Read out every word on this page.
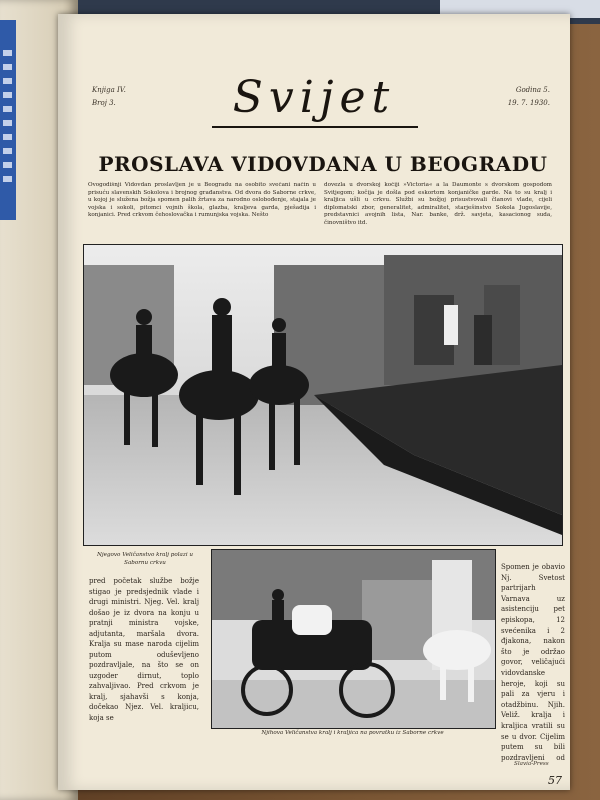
Knjiga IV.
Broj 3.	Svijet	Godina 5.
19. 7. 1930.
PROSLAVA VIDOVDANA U BEOGRADU
Ovogodišnji Vidovdan proslavljen je u Beogradu na osobito svečani način u prisuću slavenskih Sokolova i brojnog građanstva. Od dvora do Saborne crkve, u kojoj je služena božja spomen palih žrtava za narodno oslobođenje, stajala je vojska i sokoli, pitomci vojnih škola, glazba, kraljeva garda, pješadija i konjanici. Pred crkvom čehoslovačka i rumunjska vojska. Nešto
dovezla u dvorskoj kočiji »Victoria« a la Daumonte s dvorskom gospodom Svitjegom; kočija je došla pod eskortom konjaničke garde. Na to su kralj i kraljica ušli u crkvu. Službi su božjoj prisustvovali članovi vlade, cijeli diplomatski zbor, generalitet, admiralitet, starješinstvo Sokola Jugoslavije, predstavnici avojnih lista, Nar. banke, drž. savjeta, kasacionog suda, činovništvo itd.
Njegovo Veličanstvo kralj polazi u Sabornu crkvu
pred početak službe božje stigao je predsjednik vlade i drugi ministri. Njeg. Vel. kralj došao je iz dvora na konju u pratnji ministra vojske, adjutanta, maršala dvora. Kralja su mase naroda cijelim putom oduševljeno pozdravljale, na što se on uzgoder dirnut, toplo zahvaljivao. Pred crkvom je kralj, sjahavši s konja, dočekao Njez. Vel. kraljicu, koja se
Njihova Veličanstva kralj i kraljica na povratku iz Saborne crkve
Spomen je obavio Nj. Svetost partrijarh Varnava uz asistenciju pet episkopa, 12 svećenika i 2 đjakona, nakon što je održao govor, veličajući vidovdanske heroje, koji su pali za vjeru i otadžbinu. Njih. Veliž. kralja i kraljica vratili su se u dvor. Cijelim putem su bili pozdravljeni od
Slavia-Press
57
